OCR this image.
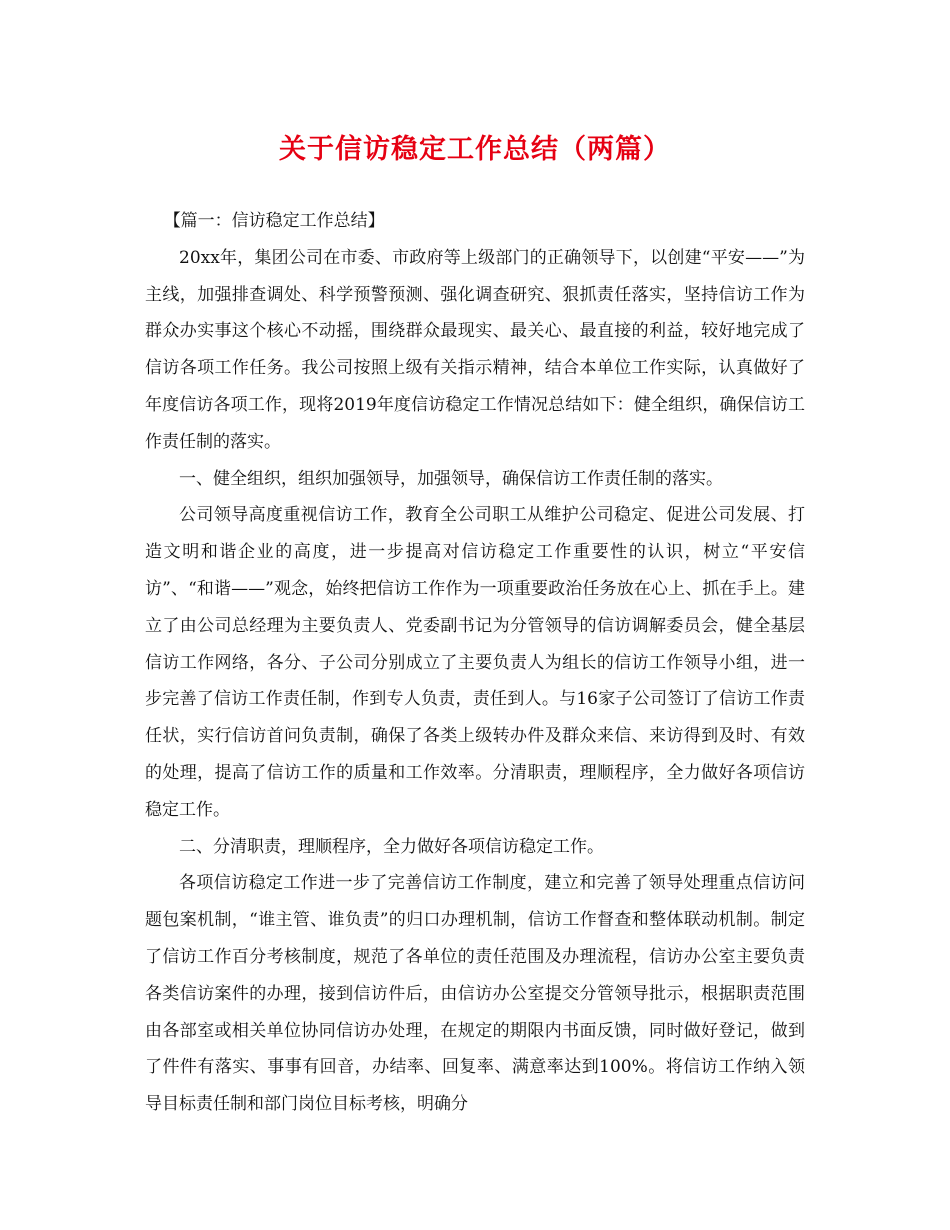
关于信访稳定工作总结（两篇）

【篇一：信访稳定工作总结】

20xx年，集团公司在市委、市政府等上级部门的正确领导下，以创建“平安——”为主线，加强排查调处、科学预警预测、强化调查研究、狠抓责任落实，坚持信访工作为群众办实事这个核心不动摇，围绕群众最现实、最关心、最直接的利益，较好地完成了信访各项工作任务。我公司按照上级有关指示精神，结合本单位工作实际，认真做好了年度信访各项工作，现将2019年度信访稳定工作情况总结如下：健全组织，确保信访工作责任制的落实。

一、健全组织，组织加强领导，加强领导，确保信访工作责任制的落实。

公司领导高度重视信访工作，教育全公司职工从维护公司稳定、促进公司发展、打造文明和谐企业的高度，进一步提高对信访稳定工作重要性的认识，树立“平安信访”、“和谐——”观念，始终把信访工作作为一项重要政治任务放在心上、抓在手上。建立了由公司总经理为主要负责人、党委副书记为分管领导的信访调解委员会，健全基层信访工作网络，各分、子公司分别成立了主要负责人为组长的信访工作领导小组，进一步完善了信访工作责任制，作到专人负责，责任到人。与16家子公司签订了信访工作责任状，实行信访首问负责制，确保了各类上级转办件及群众来信、来访得到及时、有效的处理，提高了信访工作的质量和工作效率。分清职责，理顺程序，全力做好各项信访稳定工作。

二、分清职责，理顺程序，全力做好各项信访稳定工作。

各项信访稳定工作进一步了完善信访工作制度，建立和完善了领导处理重点信访问题包案机制，“谁主管、谁负责”的归口办理机制，信访工作督查和整体联动机制。制定了信访工作百分考核制度，规范了各单位的责任范围及办理流程，信访办公室主要负责各类信访案件的办理，接到信访件后，由信访办公室提交分管领导批示，根据职责范围由各部室或相关单位协同信访办处理，在规定的期限内书面反馈，同时做好登记，做到了件件有落实、事事有回音，办结率、回复率、满意率达到100%。将信访工作纳入领导目标责任制和部门岗位目标考核，明确分
